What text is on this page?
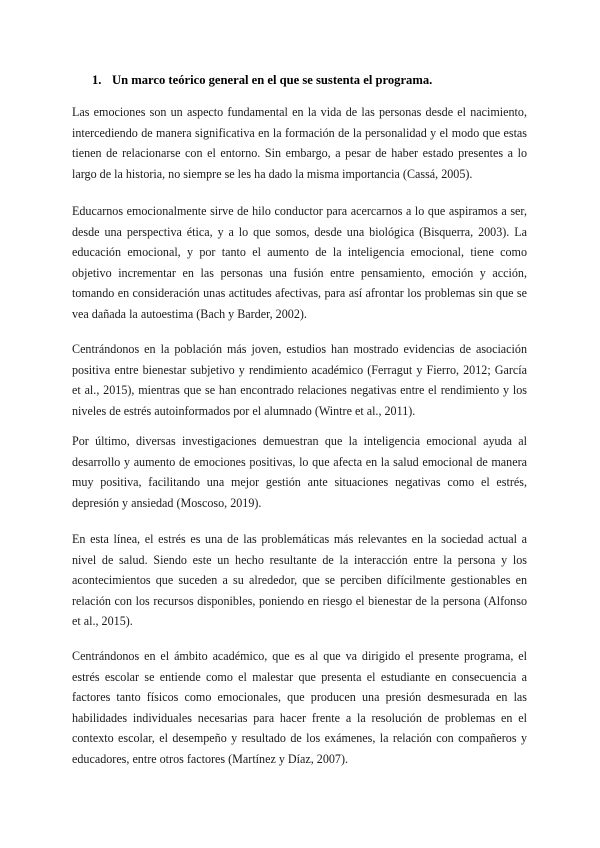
1. Un marco teórico general en el que se sustenta el programa.

Las emociones son un aspecto fundamental en la vida de las personas desde el nacimiento, intercediendo de manera significativa en la formación de la personalidad y el modo que estas tienen de relacionarse con el entorno. Sin embargo, a pesar de haber estado presentes a lo largo de la historia, no siempre se les ha dado la misma importancia (Cassá, 2005).

Educarnos emocionalmente sirve de hilo conductor para acercarnos a lo que aspiramos a ser, desde una perspectiva ética, y a lo que somos, desde una biológica (Bisquerra, 2003). La educación emocional, y por tanto el aumento de la inteligencia emocional, tiene como objetivo incrementar en las personas una fusión entre pensamiento, emoción y acción, tomando en consideración unas actitudes afectivas, para así afrontar los problemas sin que se vea dañada la autoestima (Bach y Barder, 2002).

Centrándonos en la población más joven, estudios han mostrado evidencias de asociación positiva entre bienestar subjetivo y rendimiento académico (Ferragut y Fierro, 2012; García et al., 2015), mientras que se han encontrado relaciones negativas entre el rendimiento y los niveles de estrés autoinformados por el alumnado (Wintre et al., 2011).

Por último, diversas investigaciones demuestran que la inteligencia emocional ayuda al desarrollo y aumento de emociones positivas, lo que afecta en la salud emocional de manera muy positiva, facilitando una mejor gestión ante situaciones negativas como el estrés, depresión y ansiedad (Moscoso, 2019).

En esta línea, el estrés es una de las problemáticas más relevantes en la sociedad actual a nivel de salud. Siendo este un hecho resultante de la interacción entre la persona y los acontecimientos que suceden a su alrededor, que se perciben difícilmente gestionables en relación con los recursos disponibles, poniendo en riesgo el bienestar de la persona (Alfonso et al., 2015).

Centrándonos en el ámbito académico, que es al que va dirigido el presente programa, el estrés escolar se entiende como el malestar que presenta el estudiante en consecuencia a factores tanto físicos como emocionales, que producen una presión desmesurada en las habilidades individuales necesarias para hacer frente a la resolución de problemas en el contexto escolar, el desempeño y resultado de los exámenes, la relación con compañeros y educadores, entre otros factores (Martínez y Díaz, 2007).
